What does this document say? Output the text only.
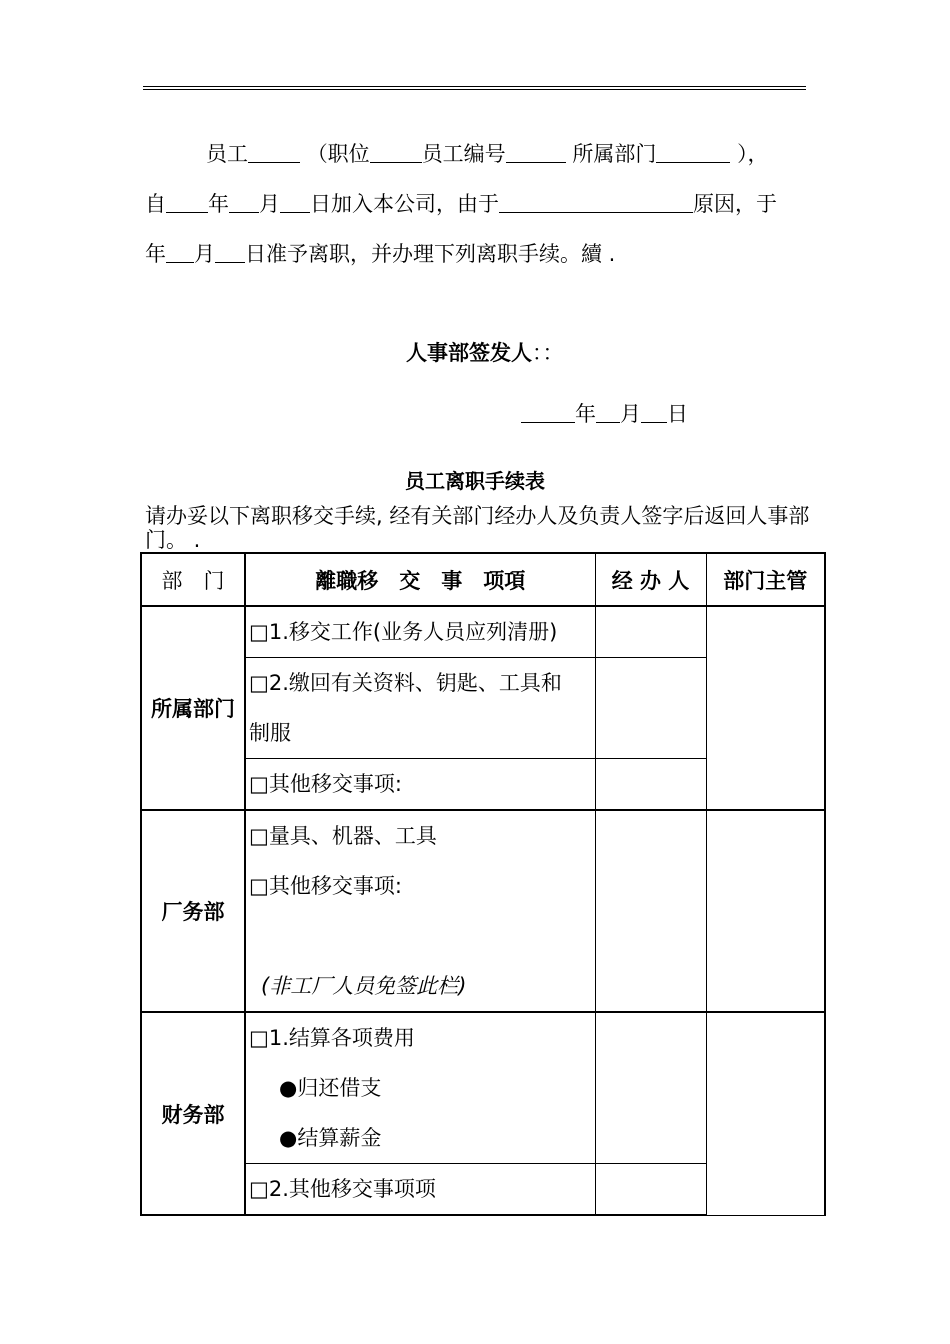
员工	（职位 员工编号	所属部门	），
自 年 月 日加入本公司，由于	原因，于
年 月 日准予离职，并办理下列离职手续。續 .
人事部签发人：：
年 月 日
员工离职手续表
请办妥以下离职移交手续, 经有关部门经办人及负责人签字后返回人事部门。 .
部　门	離職移　交　事　项項	经 办 人	部门主管
所属部门	□1.移交工作(业务人员应列清册)		

	□2.缴回有关资料、钥匙、工具和
制服		

	□其他移交事项:		

厂务部	□量具、机器、工具
□其他移交事项:
(非工厂人员免签此栏)		

财务部	□1.结算各项费用
●归还借支
●结算薪金		

	□2.其他移交事项项		
